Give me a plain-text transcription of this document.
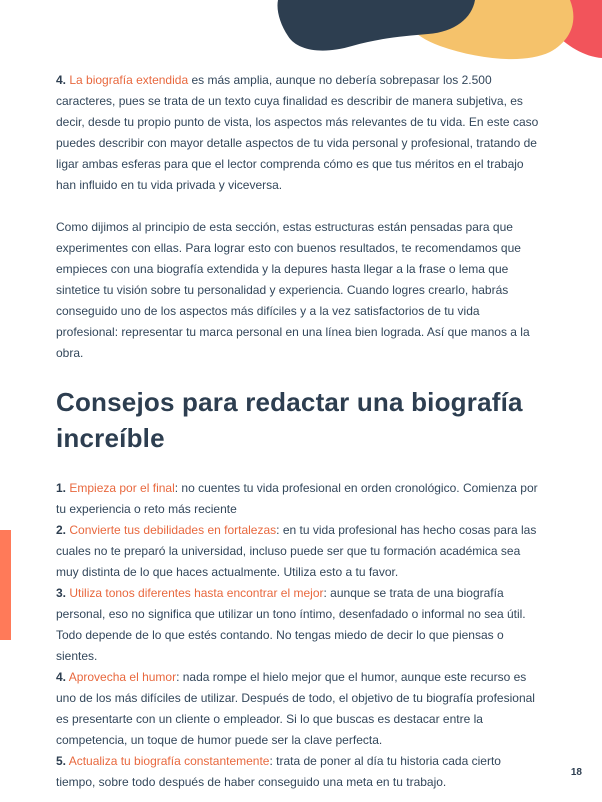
4. La biografía extendida es más amplia, aunque no debería sobrepasar los 2.500 caracteres, pues se trata de un texto cuya finalidad es describir de manera subjetiva, es decir, desde tu propio punto de vista, los aspectos más relevantes de tu vida. En este caso puedes describir con mayor detalle aspectos de tu vida personal y profesional, tratando de ligar ambas esferas para que el lector comprenda cómo es que tus méritos en el trabajo han influido en tu vida privada y viceversa.

Como dijimos al principio de esta sección, estas estructuras están pensadas para que experimentes con ellas. Para lograr esto con buenos resultados, te recomendamos que empieces con una biografía extendida y la depures hasta llegar a la frase o lema que sintetice tu visión sobre tu personalidad y experiencia. Cuando logres crearlo, habrás conseguido uno de los aspectos más difíciles y a la vez satisfactorios de tu vida profesional: representar tu marca personal en una línea bien lograda. Así que manos a la obra.

Consejos para redactar una biografía increíble

1. Empieza por el final: no cuentes tu vida profesional en orden cronológico. Comienza por tu experiencia o reto más reciente

2. Convierte tus debilidades en fortalezas: en tu vida profesional has hecho cosas para las cuales no te preparó la universidad, incluso puede ser que tu formación académica sea muy distinta de lo que haces actualmente. Utiliza esto a tu favor.

3. Utiliza tonos diferentes hasta encontrar el mejor: aunque se trata de una biografía personal, eso no significa que utilizar un tono íntimo, desenfadado o informal no sea útil. Todo depende de lo que estés contando. No tengas miedo de decir lo que piensas o sientes.

4. Aprovecha el humor: nada rompe el hielo mejor que el humor, aunque este recurso es uno de los más difíciles de utilizar. Después de todo, el objetivo de tu biografía profesional es presentarte con un cliente o empleador. Si lo que buscas es destacar entre la competencia, un toque de humor puede ser la clave perfecta.

5. Actualiza tu biografía constantemente: trata de poner al día tu historia cada cierto tiempo, sobre todo después de haber conseguido una meta en tu trabajo.

18
